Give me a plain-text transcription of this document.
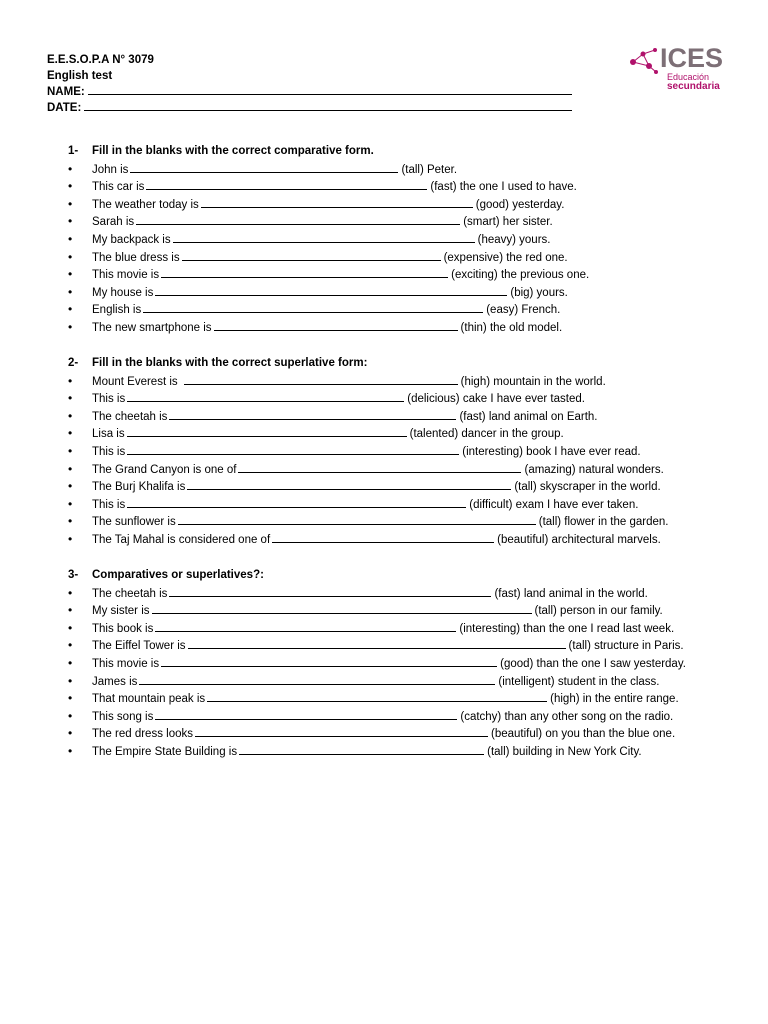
E.E.S.O.P.A N° 3079
English test
NAME:
DATE:
ICES
Educación
secundaria
1- Fill in the blanks with the correct comparative form.
• John is	(tall) Peter.
• This car is	(fast) the one I used to have.
• The weather today is	(good) yesterday.
• Sarah is	(smart) her sister.
• My backpack is	(heavy) yours.
• The blue dress is	(expensive) the red one.
• This movie is	(exciting) the previous one.
• My house is	(big) yours.
• English is	(easy) French.
• The new smartphone is	(thin) the old model.
2- Fill in the blanks with the correct superlative form:
• Mount Everest is	(high) mountain in the world.
• This is	(delicious) cake I have ever tasted.
• The cheetah is	(fast) land animal on Earth.
• Lisa is	(talented) dancer in the group.
• This is	(interesting) book I have ever read.
• The Grand Canyon is one of	(amazing) natural wonders.
• The Burj Khalifa is	(tall) skyscraper in the world.
• This is	(difficult) exam I have ever taken.
• The sunflower is	(tall) flower in the garden.
• The Taj Mahal is considered one of	(beautiful) architectural marvels.
3- Comparatives or superlatives?:
• The cheetah is	(fast) land animal in the world.
• My sister is	(tall) person in our family.
• This book is	(interesting) than the one I read last week.
• The Eiffel Tower is	(tall) structure in Paris.
• This movie is	(good) than the one I saw yesterday.
• James is	(intelligent) student in the class.
• That mountain peak is	(high) in the entire range.
• This song is	(catchy) than any other song on the radio.
• The red dress looks	(beautiful) on you than the blue one.
• The Empire State Building is	(tall) building in New York City.
